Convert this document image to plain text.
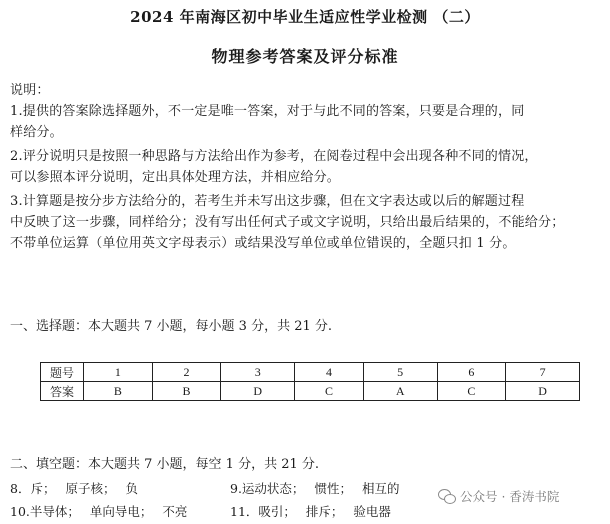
2024 年南海区初中毕业生适应性学业检测 （二）
物理参考答案及评分标准

说明：

1.提供的答案除选择题外，不一定是唯一答案，对于与此不同的答案，只要是合理的，同

样给分。

2.评分说明只是按照一种思路与方法给出作为参考，在阅卷过程中会出现各种不同的情况，

可以参照本评分说明，定出具体处理方法，并相应给分。

3.计算题是按分步方法给分的，若考生并未写出这步骤，但在文字表达或以后的解题过程

中反映了这一步骤，同样给分；没有写出任何式子或文字说明，只给出最后结果的，不能给分；

不带单位运算（单位用英文字母表示）或结果没写单位或单位错误的，全题只扣 1 分。

一、选择题：本大题共 7 小题，每小题 3 分，共 21 分.
题号	1	2	3	4	5	6	7
答案	B	B	D	C	A	C	D
二、填空题：本大题共 7 小题，每空 1 分，共 21 分.
8．斥； 原子核； 负	9.运动状态； 惯性； 相互的
10.半导体； 单向导电； 不亮	11．吸引； 排斥； 验电器
公众号 · 香涛书院
